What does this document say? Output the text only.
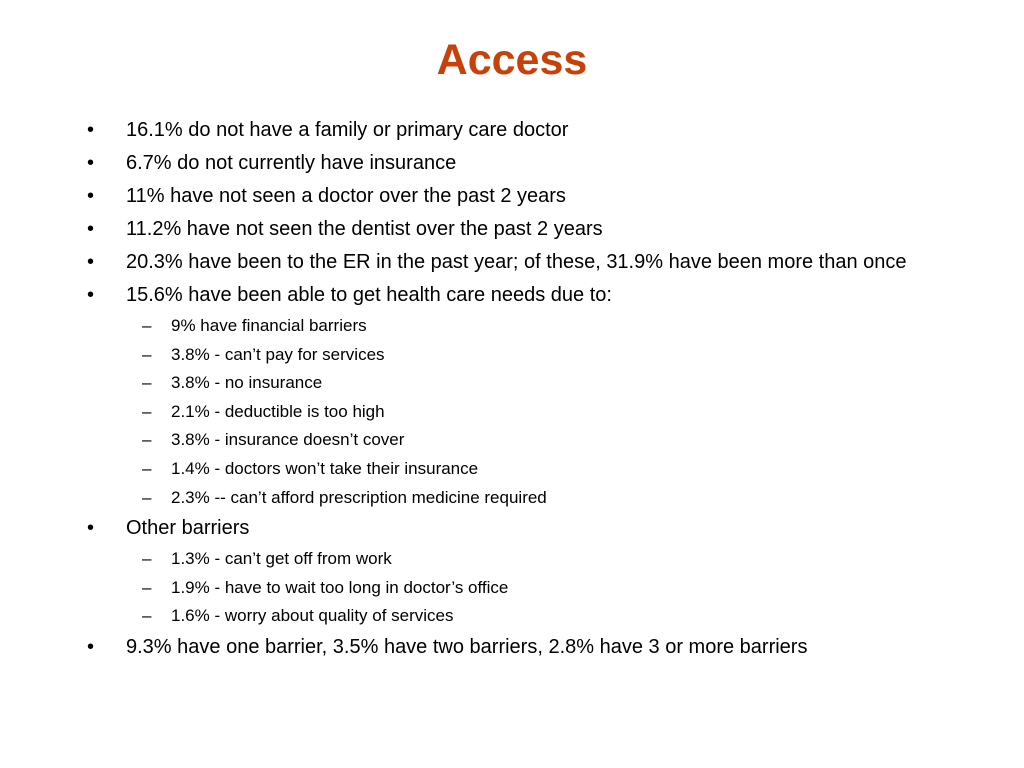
Access
• 16.1% do not have a family or primary care doctor
• 6.7% do not currently have insurance
• 11% have not seen a doctor over the past 2 years
• 11.2% have not seen the dentist over the past 2 years
• 20.3% have been to the ER in the past year; of these, 31.9% have been more than once
• 15.6% have been able to get health care needs due to:
– 9% have financial barriers
– 3.8% - can’t pay for services
– 3.8% - no insurance
– 2.1% - deductible is too high
– 3.8% - insurance doesn’t cover
– 1.4% - doctors won’t take their insurance
– 2.3% -- can’t afford prescription medicine required
• Other barriers
– 1.3% - can’t get off from work
– 1.9% - have to wait too long in doctor’s office
– 1.6% - worry about quality of services
• 9.3% have one barrier, 3.5% have two barriers, 2.8% have 3 or more barriers
